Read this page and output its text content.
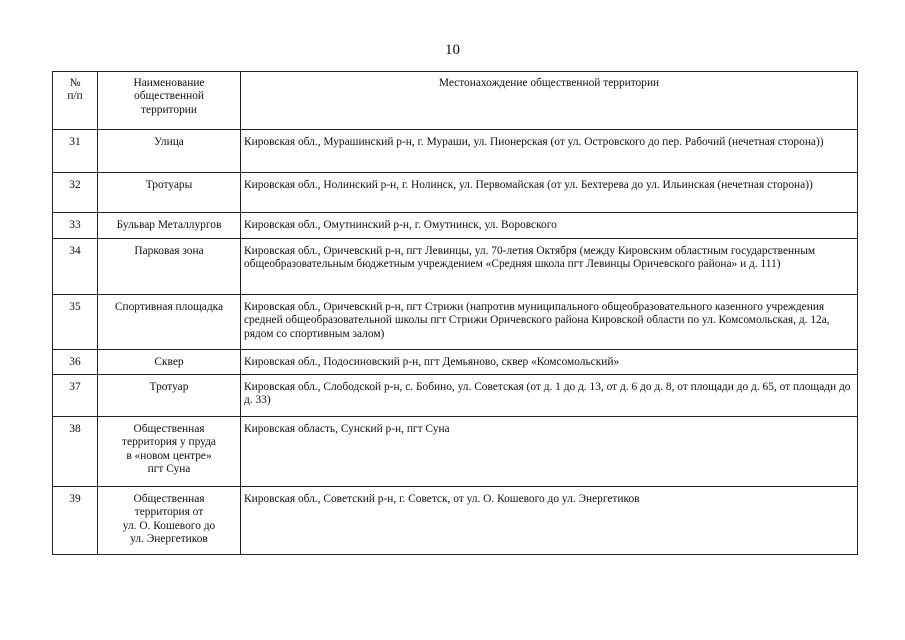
10
№
п/п	Наименование
общественной
территории	Местонахождение общественной территории
31	Улица	Кировская обл., Мурашинский р-н, г. Мураши, ул. Пионерская (от ул. Островского до пер. Рабочий (нечетная сторона))
32	Тротуары	Кировская обл., Нолинский р-н, г. Нолинск, ул. Первомайская (от ул. Бехтерева до ул. Ильинская (нечетная сторона))
33	Бульвар Металлургов	Кировская обл., Омутнинский р-н, г. Омутнинск, ул. Воровского
34	Парковая зона	Кировская обл., Оричевский р-н, пгт Левинцы, ул. 70-летия Октября (между Кировским областным государственным общеобразовательным бюджетным учреждением «Средняя школа пгт Левинцы Оричевского района» и д. 111)
35	Спортивная площадка	Кировская обл., Оричевский р-н, пгт Стрижи (напротив муниципального общеобразовательного казенного учреждения средней общеобразовательной школы пгт Стрижи Оричевского района Кировской области по ул. Комсомольская, д. 12а, рядом со спортивным залом)
36	Сквер	Кировская обл., Подосиновский р-н, пгт Демьяново, сквер «Комсомольский»
37	Тротуар	Кировская обл., Слободской р-н, с. Бобино, ул. Советская (от д. 1 до д. 13, от д. 6 до д. 8, от площади до д. 65, от площади до д. 33)
38	Общественная
территория у пруда
в «новом центре»
пгт Суна	Кировская область, Сунский р-н, пгт Суна
39	Общественная
территория от
ул. О. Кошевого до
ул. Энергетиков	Кировская обл., Советский р-н, г. Советск, от ул. О. Кошевого до ул. Энергетиков
